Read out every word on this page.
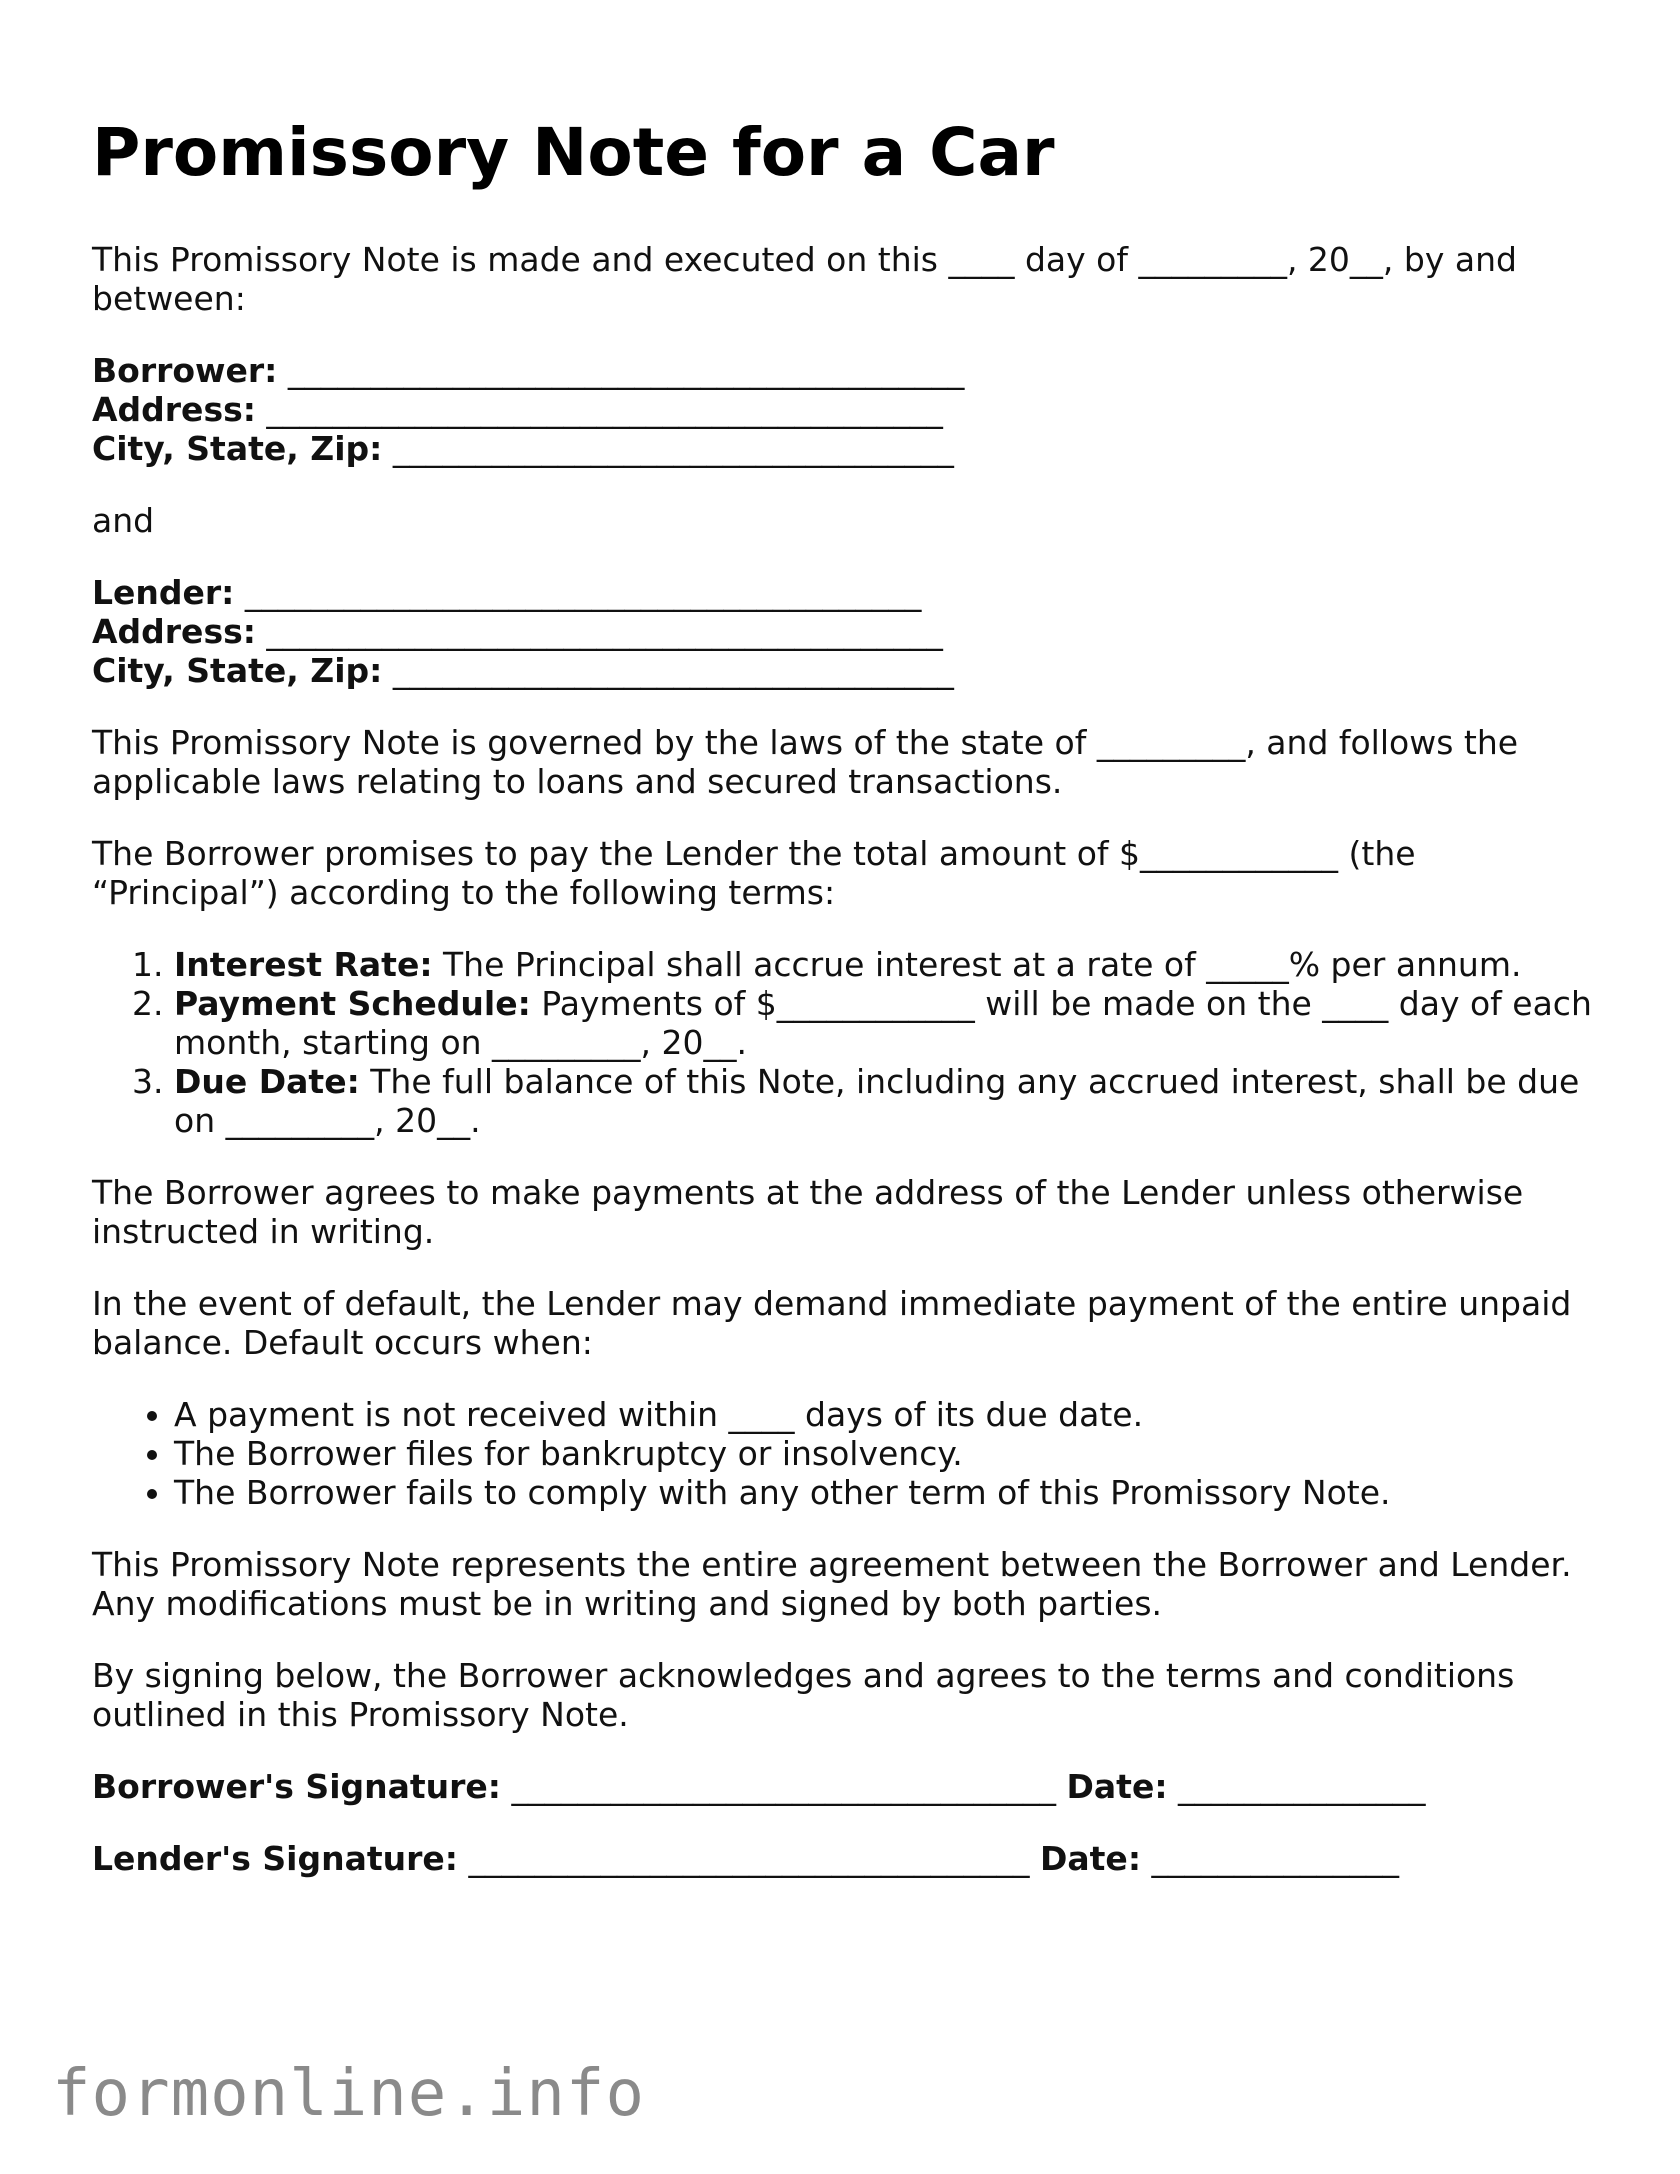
Promissory Note for a Car

This Promissory Note is made and executed on this ____ day of _________, 20__, by and between:

Borrower: _________________________________________
Address: _________________________________________
City, State, Zip: __________________________________

and

Lender: _________________________________________
Address: _________________________________________
City, State, Zip: __________________________________

This Promissory Note is governed by the laws of the state of _________, and follows the applicable laws relating to loans and secured transactions.

The Borrower promises to pay the Lender the total amount of $____________ (the “Principal”) according to the following terms:

1. Interest Rate: The Principal shall accrue interest at a rate of _____% per annum.
2. Payment Schedule: Payments of $____________ will be made on the ____ day of each month, starting on _________, 20__.
3. Due Date: The full balance of this Note, including any accrued interest, shall be due on _________, 20__.

The Borrower agrees to make payments at the address of the Lender unless otherwise instructed in writing.

In the event of default, the Lender may demand immediate payment of the entire unpaid balance. Default occurs when:

• A payment is not received within ____ days of its due date.
• The Borrower files for bankruptcy or insolvency.
• The Borrower fails to comply with any other term of this Promissory Note.

This Promissory Note represents the entire agreement between the Borrower and Lender. Any modifications must be in writing and signed by both parties.

By signing below, the Borrower acknowledges and agrees to the terms and conditions outlined in this Promissory Note.

Borrower's Signature: _________________________________ Date: _______________
Lender's Signature: __________________________________ Date: _______________
formonline.info
